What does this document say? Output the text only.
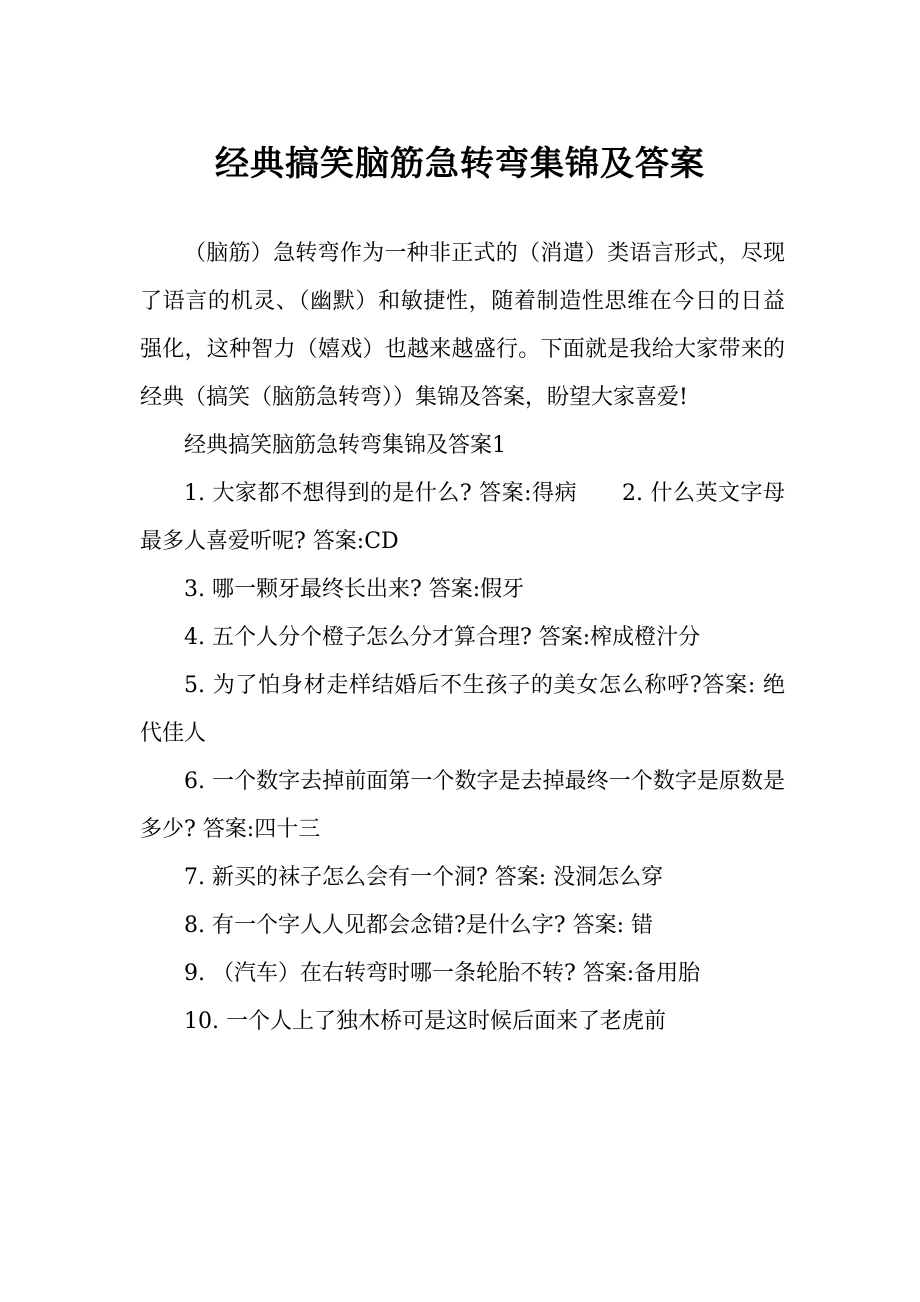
经典搞笑脑筋急转弯集锦及答案

（脑筋）急转弯作为一种非正式的（消遣）类语言形式，尽现了语言的机灵、（幽默）和敏捷性，随着制造性思维在今日的日益强化，这种智力（嬉戏）也越来越盛行。下面就是我给大家带来的经典（搞笑（脑筋急转弯））集锦及答案，盼望大家喜爱!

经典搞笑脑筋急转弯集锦及答案1

1. 大家都不想得到的是什么? 答案:得病　　2. 什么英文字母最多人喜爱听呢? 答案:CD

3. 哪一颗牙最终长出来? 答案:假牙

4. 五个人分个橙子怎么分才算合理? 答案:榨成橙汁分

5. 为了怕身材走样结婚后不生孩子的美女怎么称呼?答案: 绝代佳人

6. 一个数字去掉前面第一个数字是去掉最终一个数字是原数是多少? 答案:四十三

7. 新买的袜子怎么会有一个洞? 答案: 没洞怎么穿

8. 有一个字人人见都会念错?是什么字? 答案: 错

9. （汽车）在右转弯时哪一条轮胎不转? 答案:备用胎

10. 一个人上了独木桥可是这时候后面来了老虎前
